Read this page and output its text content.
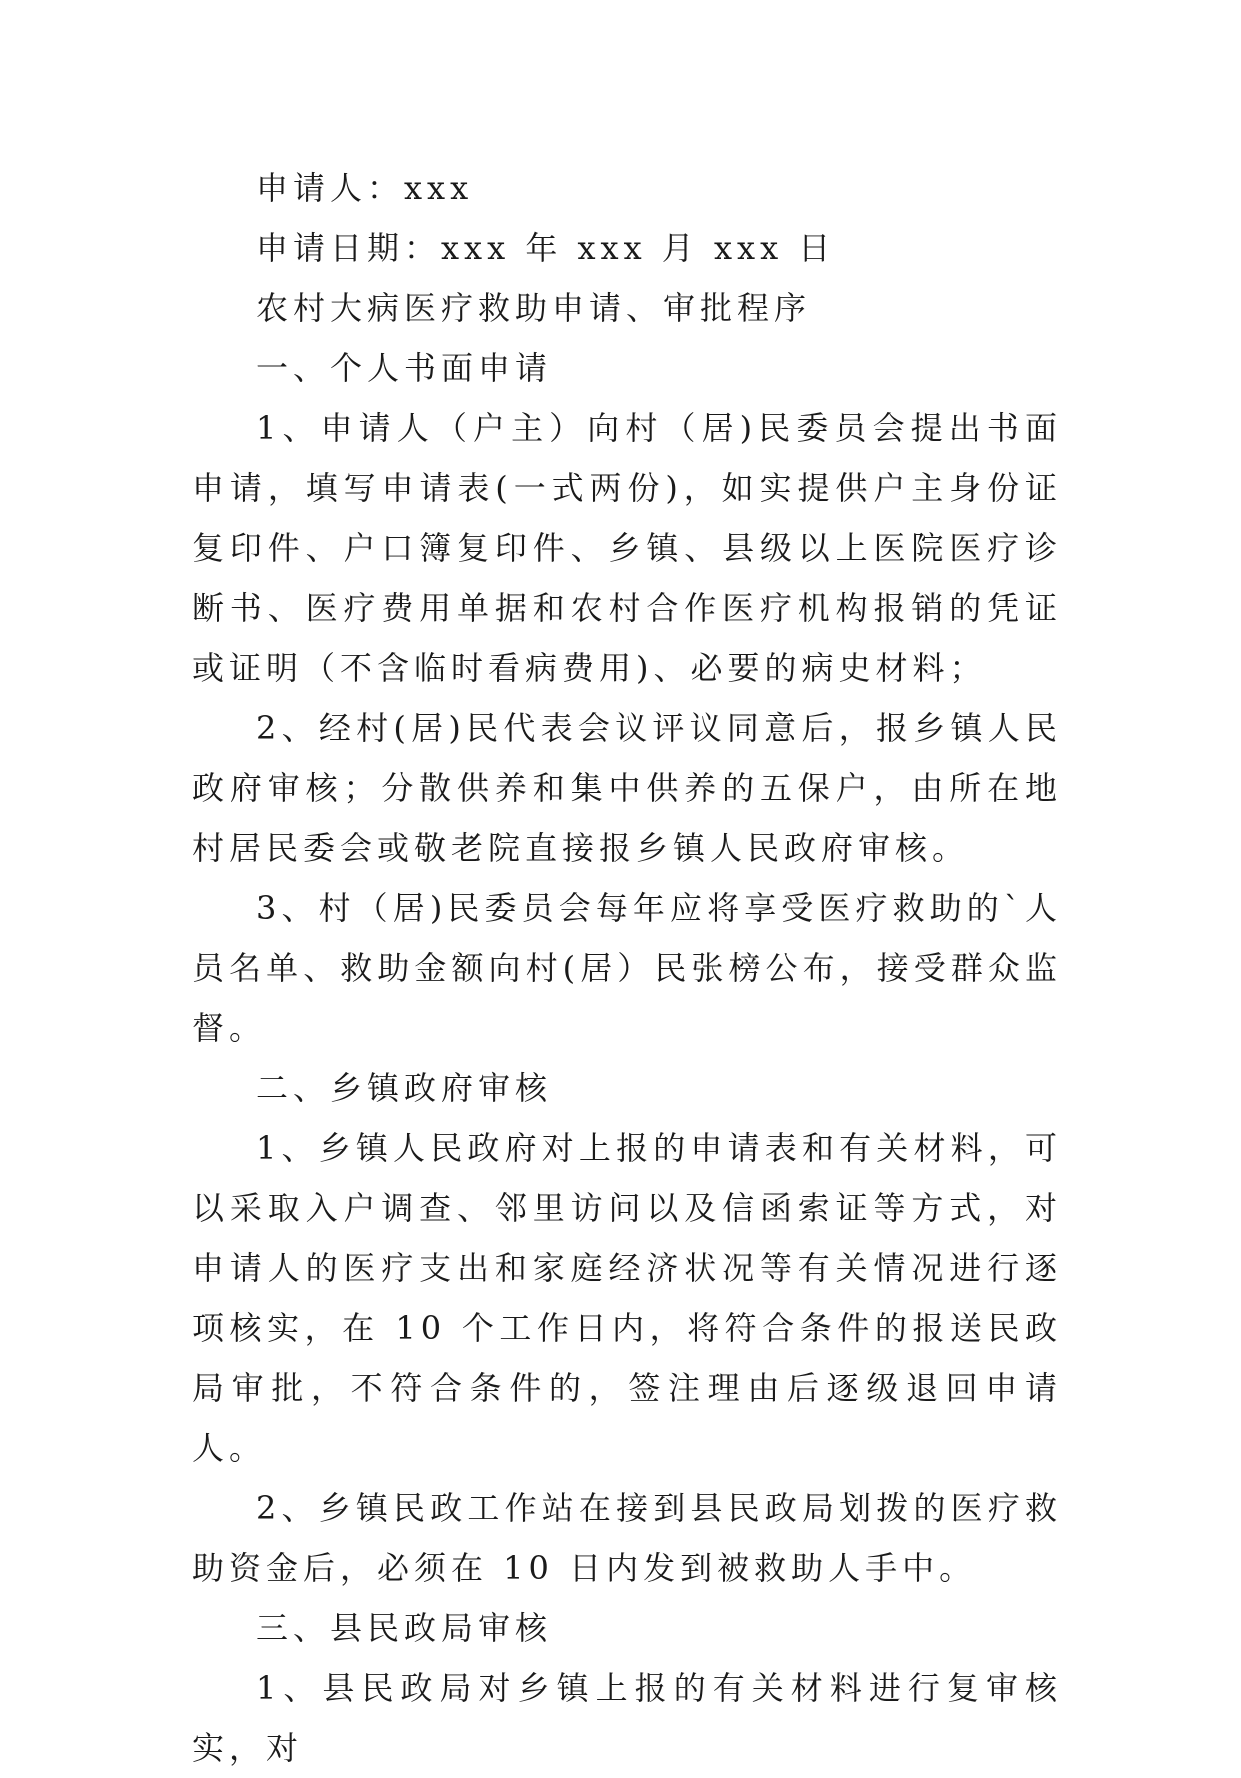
申请人：xxx

申请日期：xxx 年 xxx 月 xxx 日

农村大病医疗救助申请、审批程序

一、个人书面申请

1、申请人（户主）向村（居)民委员会提出书面申请，填写申请表(一式两份)，如实提供户主身份证复印件、户口簿复印件、乡镇、县级以上医院医疗诊断书、医疗费用单据和农村合作医疗机构报销的凭证或证明（不含临时看病费用)、必要的病史材料；

2、经村(居)民代表会议评议同意后，报乡镇人民政府审核；分散供养和集中供养的五保户，由所在地村居民委会或敬老院直接报乡镇人民政府审核。

3、村（居)民委员会每年应将享受医疗救助的`人员名单、救助金额向村(居）民张榜公布，接受群众监督。

二、乡镇政府审核

1、乡镇人民政府对上报的申请表和有关材料，可以采取入户调查、邻里访问以及信函索证等方式，对申请人的医疗支出和家庭经济状况等有关情况进行逐项核实，在 10 个工作日内，将符合条件的报送民政局审批，不符合条件的，签注理由后逐级退回申请人。

2、乡镇民政工作站在接到县民政局划拨的医疗救助资金后，必须在 10 日内发到被救助人手中。

三、县民政局审核

1、县民政局对乡镇上报的有关材料进行复审核实，对
